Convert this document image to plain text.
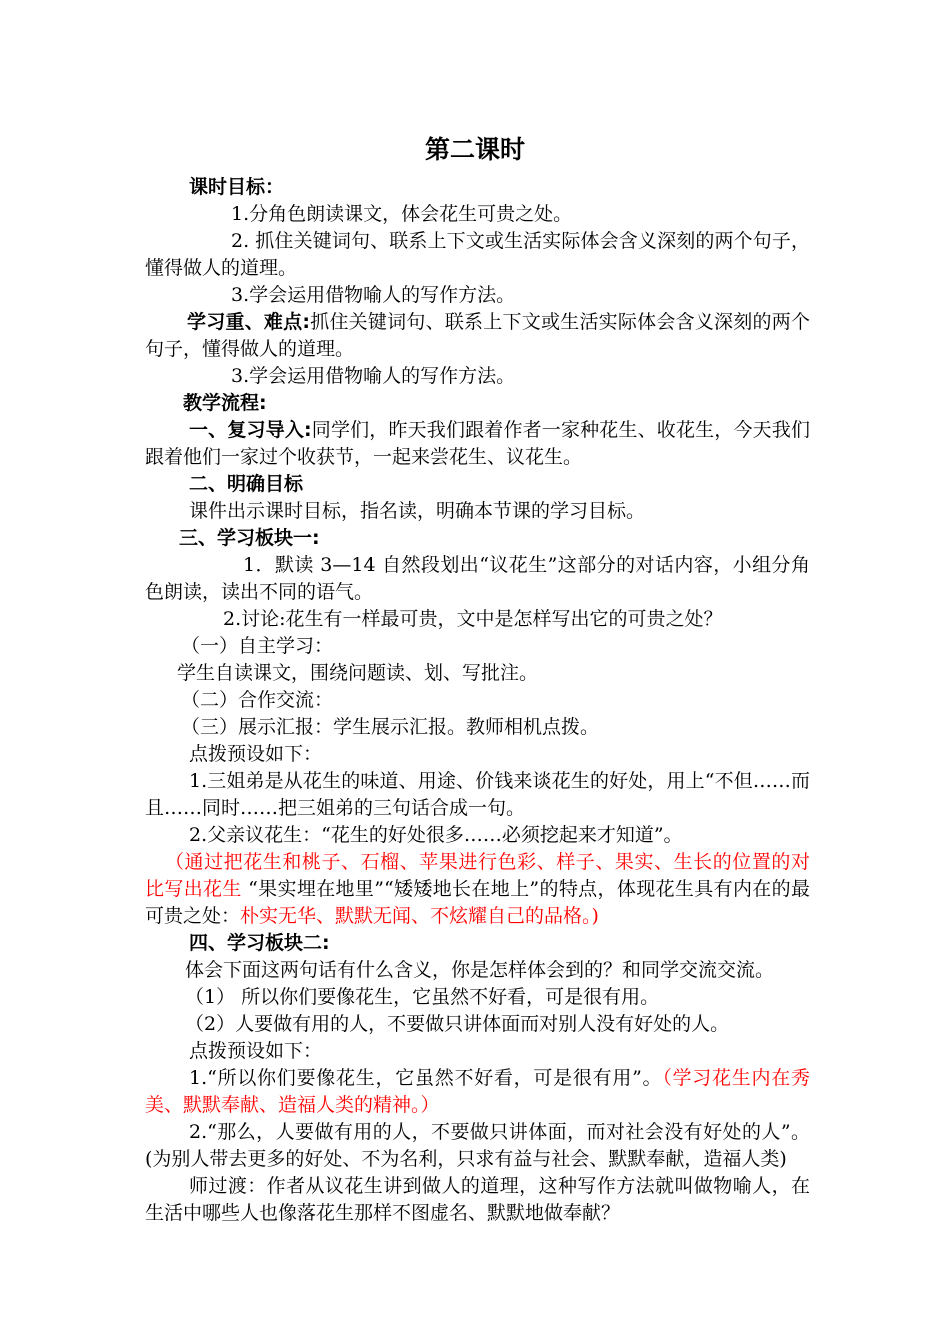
第二课时

课时目标：

1.分角色朗读课文，体会花生可贵之处。

2. 抓住关键词句、联系上下文或生活实际体会含义深刻的两个句子，懂得做人的道理。

3.学会运用借物喻人的写作方法。

学习重、难点:抓住关键词句、联系上下文或生活实际体会含义深刻的两个句子，懂得做人的道理。

3.学会运用借物喻人的写作方法。

教学流程:

一、复习导入:同学们，昨天我们跟着作者一家种花生、收花生，今天我们跟着他们一家过个收获节，一起来尝花生、议花生。

二、明确目标

课件出示课时目标，指名读，明确本节课的学习目标。

三、学习板块一:

1．默读 3—14 自然段划出“议花生”这部分的对话内容，小组分角色朗读，读出不同的语气。

2.讨论:花生有一样最可贵，文中是怎样写出它的可贵之处？

（一）自主学习：

学生自读课文，围绕问题读、划、写批注。

（二）合作交流：

（三）展示汇报：学生展示汇报。教师相机点拨。

点拨预设如下：

1.三姐弟是从花生的味道、用途、价钱来谈花生的好处，用上“不但……而且……同时……把三姐弟的三句话合成一句。

2.父亲议花生：“花生的好处很多……必须挖起来才知道”。

（通过把花生和桃子、石榴、苹果进行色彩、样子、果实、生长的位置的对比写出花生 “果实埋在地里”“矮矮地长在地上”的特点，体现花生具有内在的最可贵之处：朴实无华、默默无闻、不炫耀自己的品格。)

四、学习板块二:

体会下面这两句话有什么含义，你是怎样体会到的？和同学交流交流。

（1） 所以你们要像花生，它虽然不好看，可是很有用。

（2）人要做有用的人，不要做只讲体面而对别人没有好处的人。

点拨预设如下：

1.“所以你们要像花生，它虽然不好看，可是很有用”。（学习花生内在秀美、默默奉献、造福人类的精神。）

2.“那么，人要做有用的人，不要做只讲体面，而对社会没有好处的人”。(为别人带去更多的好处、不为名利，只求有益与社会、默默奉献，造福人类)

师过渡：作者从议花生讲到做人的道理，这种写作方法就叫做物喻人，在生活中哪些人也像落花生那样不图虚名、默默地做奉献？
